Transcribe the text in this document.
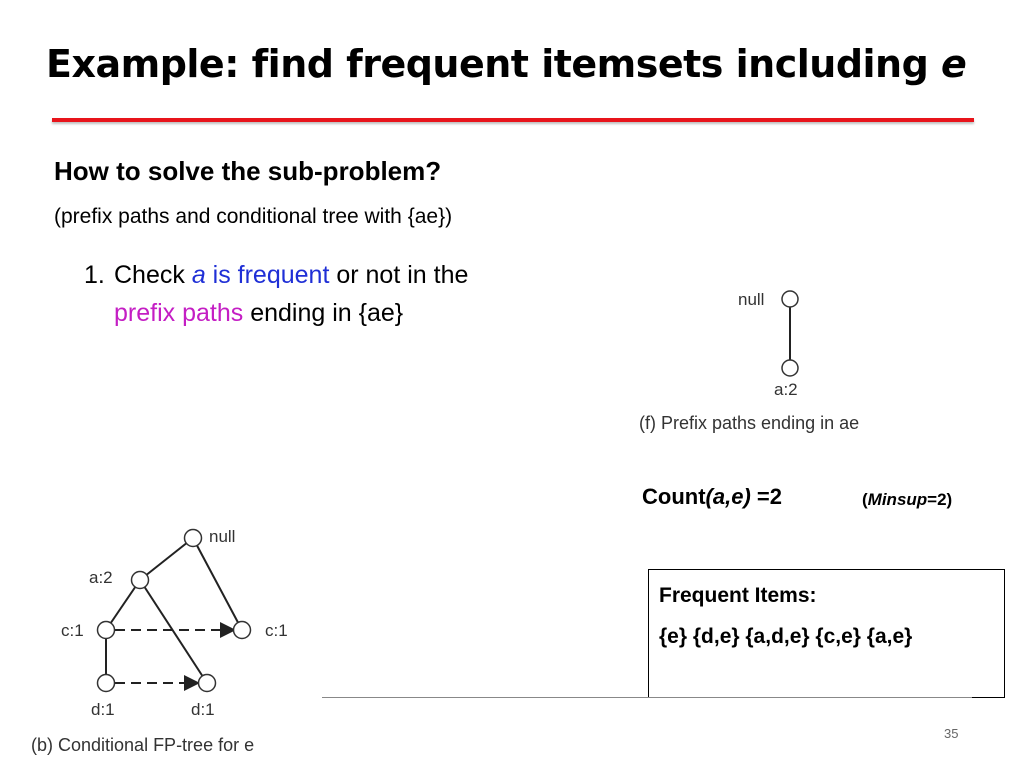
Example: find frequent itemsets including e
How to solve the sub-problem?
(prefix paths and conditional tree with {ae})
1. Check a is frequent or not in the
prefix paths ending in {ae}	null
a:2
(f) Prefix paths ending in ae
null
a:2
c:1	c:1
d:1	d:1
(b) Conditional FP-tree for e
Count(a,e) =2	(Minsup=2)
Frequent Items:
{e} {d,e} {a,d,e} {c,e} {a,e}
35
